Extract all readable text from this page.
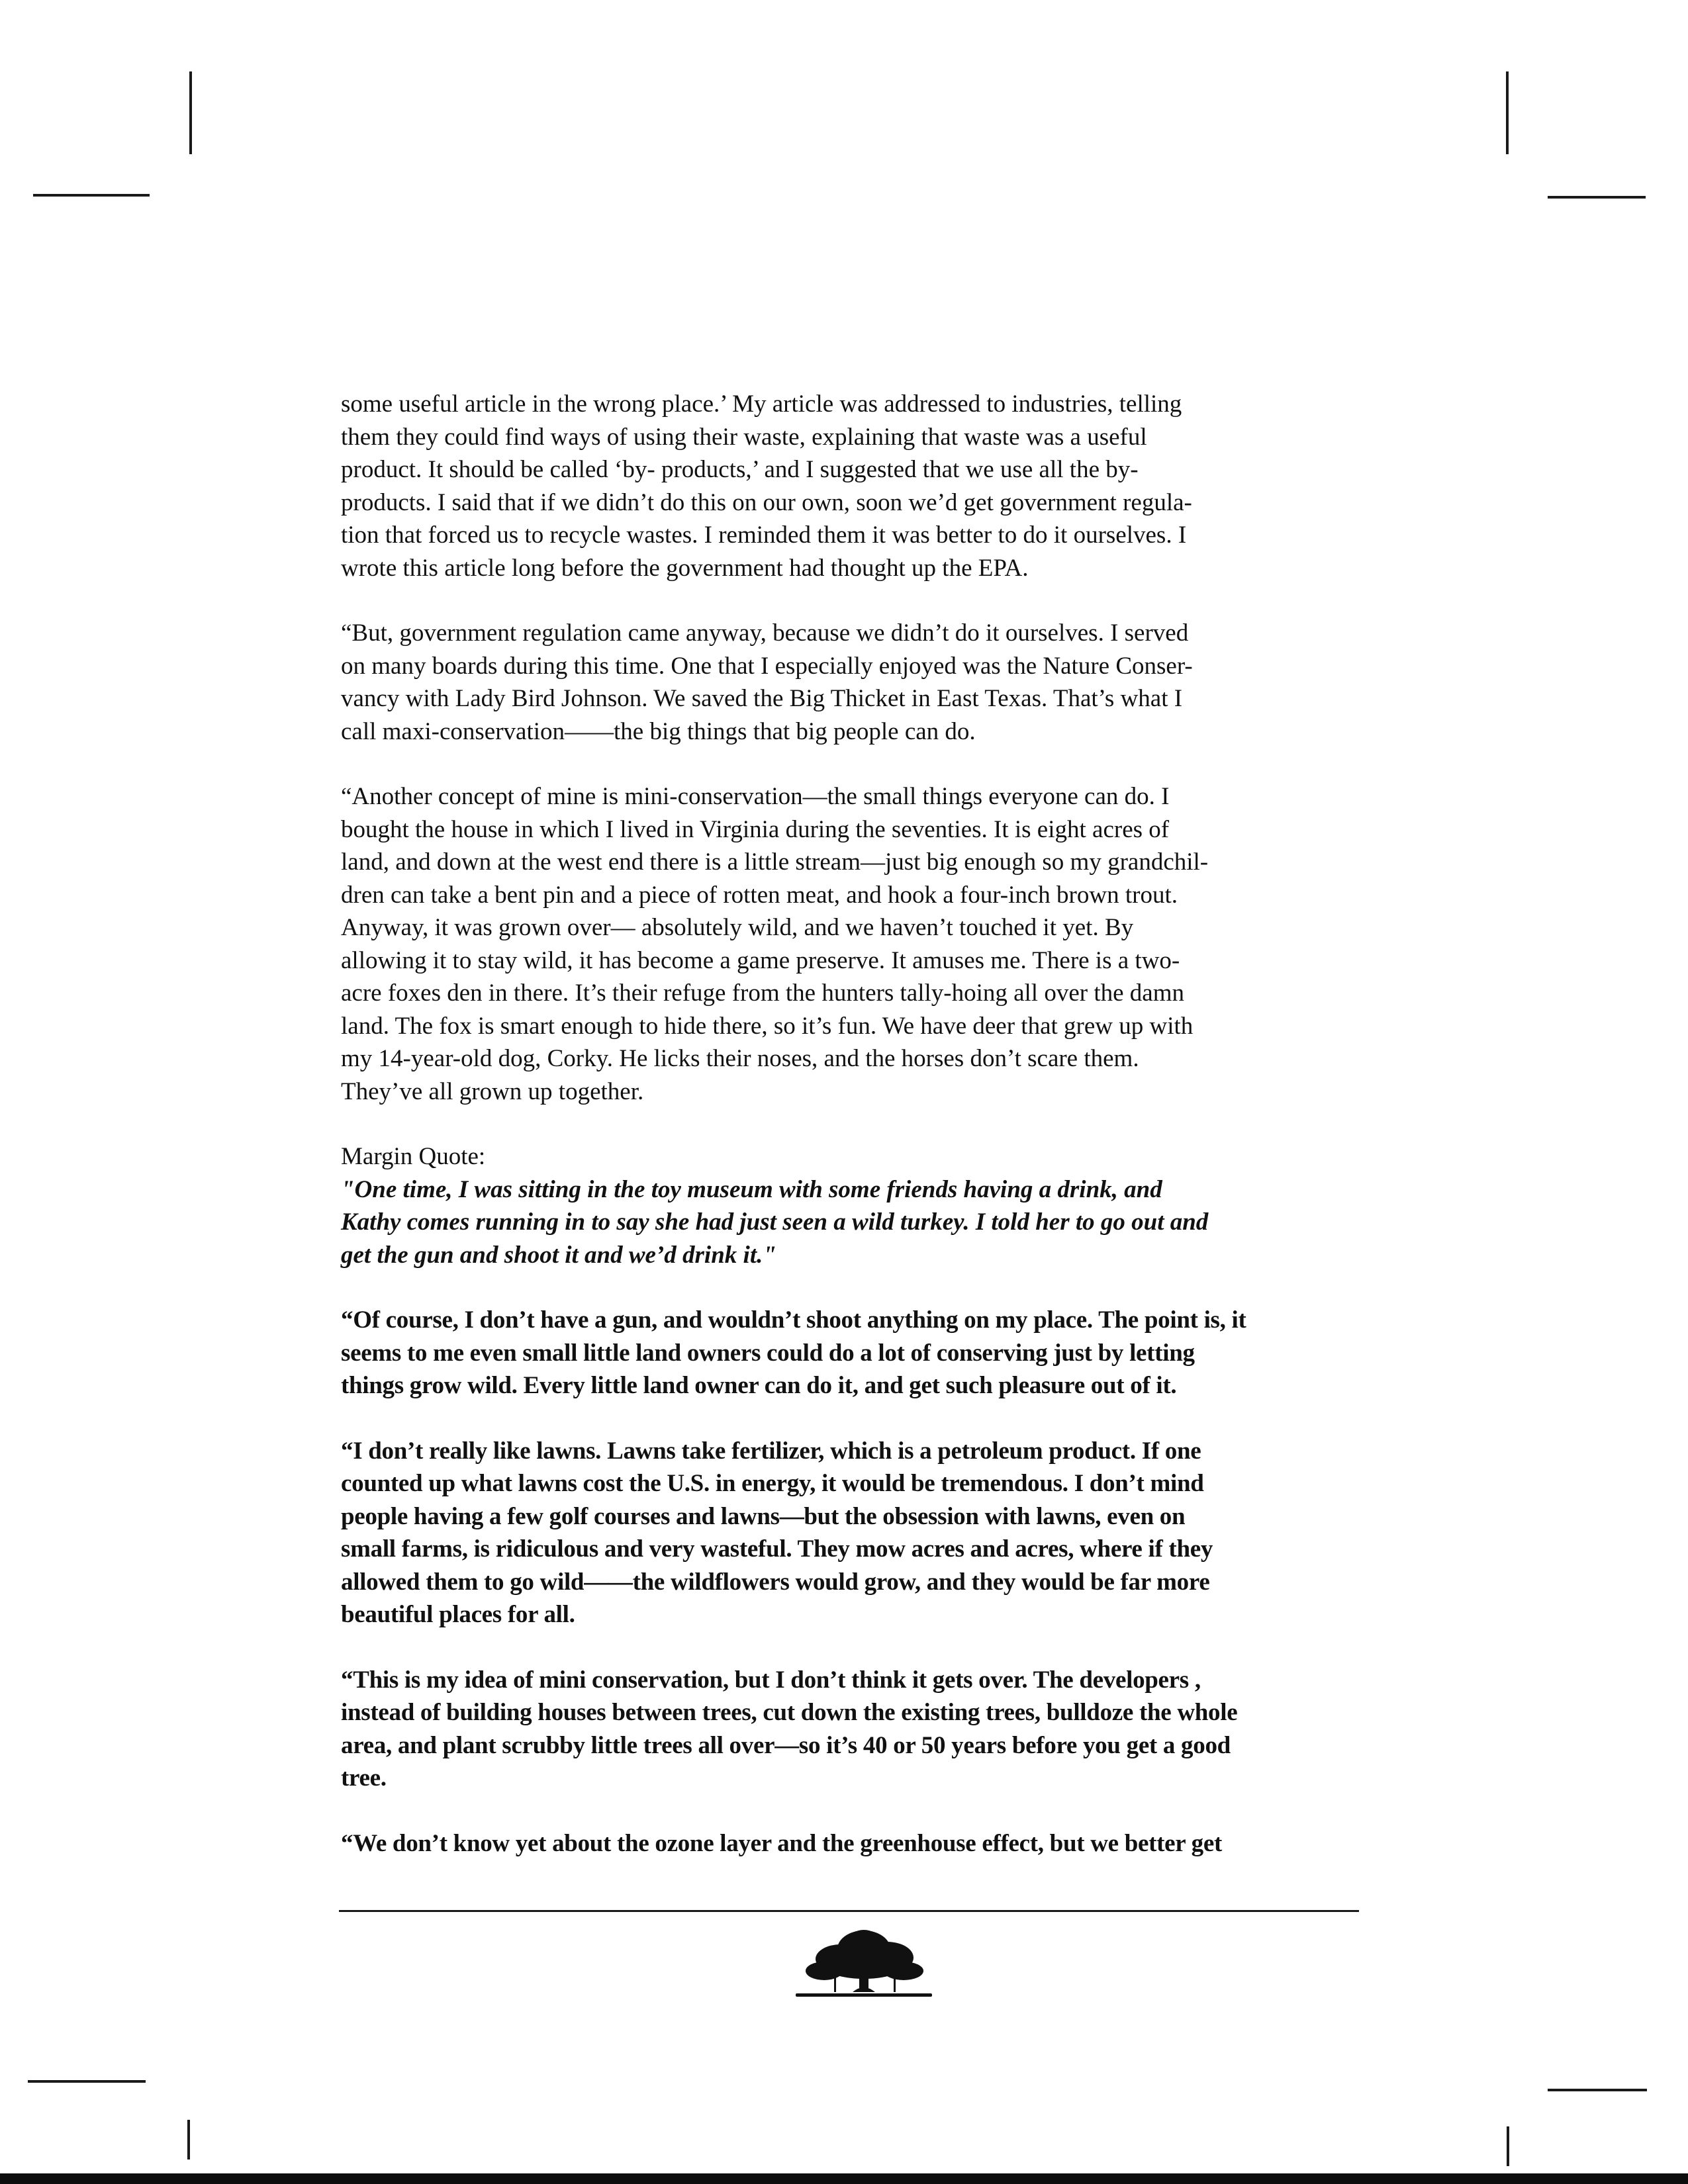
some useful article in the wrong place.’ My article was addressed to industries, telling
them they could find ways of using their waste, explaining that waste was a useful
product. It should be called ‘by- products,’ and I suggested that we use all the by-
products. I said that if we didn’t do this on our own, soon we’d get government regula-
tion that forced us to recycle wastes. I reminded them it was better to do it ourselves. I
wrote this article long before the government had thought up the EPA.

“But, government regulation came anyway, because we didn’t do it ourselves. I served
on many boards during this time. One that I especially enjoyed was the Nature Conser-
vancy with Lady Bird Johnson. We saved the Big Thicket in East Texas. That’s what I
call maxi-conservation——the big things that big people can do.

“Another concept of mine is mini-conservation—the small things everyone can do. I
bought the house in which I lived in Virginia during the seventies. It is eight acres of
land, and down at the west end there is a little stream—just big enough so my grandchil-
dren can take a bent pin and a piece of rotten meat, and hook a four-inch brown trout.
Anyway, it was grown over— absolutely wild, and we haven’t touched it yet. By
allowing it to stay wild, it has become a game preserve. It amuses me. There is a two-
acre foxes den in there. It’s their refuge from the hunters tally-hoing all over the damn
land. The fox is smart enough to hide there, so it’s fun. We have deer that grew up with
my 14-year-old dog, Corky. He licks their noses, and the horses don’t scare them.
They’ve all grown up together.

Margin Quote:

"One time, I was sitting in the toy museum with some friends having a drink, and
Kathy comes running in to say she had just seen a wild turkey. I told her to go out and
get the gun and shoot it and we’d drink it."

“Of course, I don’t have a gun, and wouldn’t shoot anything on my place. The point is, it
seems to me even small little land owners could do a lot of conserving just by letting
things grow wild. Every little land owner can do it, and get such pleasure out of it.

“I don’t really like lawns. Lawns take fertilizer, which is a petroleum product. If one
counted up what lawns cost the U.S. in energy, it would be tremendous. I don’t mind
people having a few golf courses and lawns—but the obsession with lawns, even on
small farms, is ridiculous and very wasteful. They mow acres and acres, where if they
allowed them to go wild——the wildflowers would grow, and they would be far more
beautiful places for all.

“This is my idea of mini conservation, but I don’t think it gets over. The developers ,
instead of building houses between trees, cut down the existing trees, bulldoze the whole
area, and plant scrubby little trees all over—so it’s 40 or 50 years before you get a good
tree.

“We don’t know yet about the ozone layer and the greenhouse effect, but we better get
